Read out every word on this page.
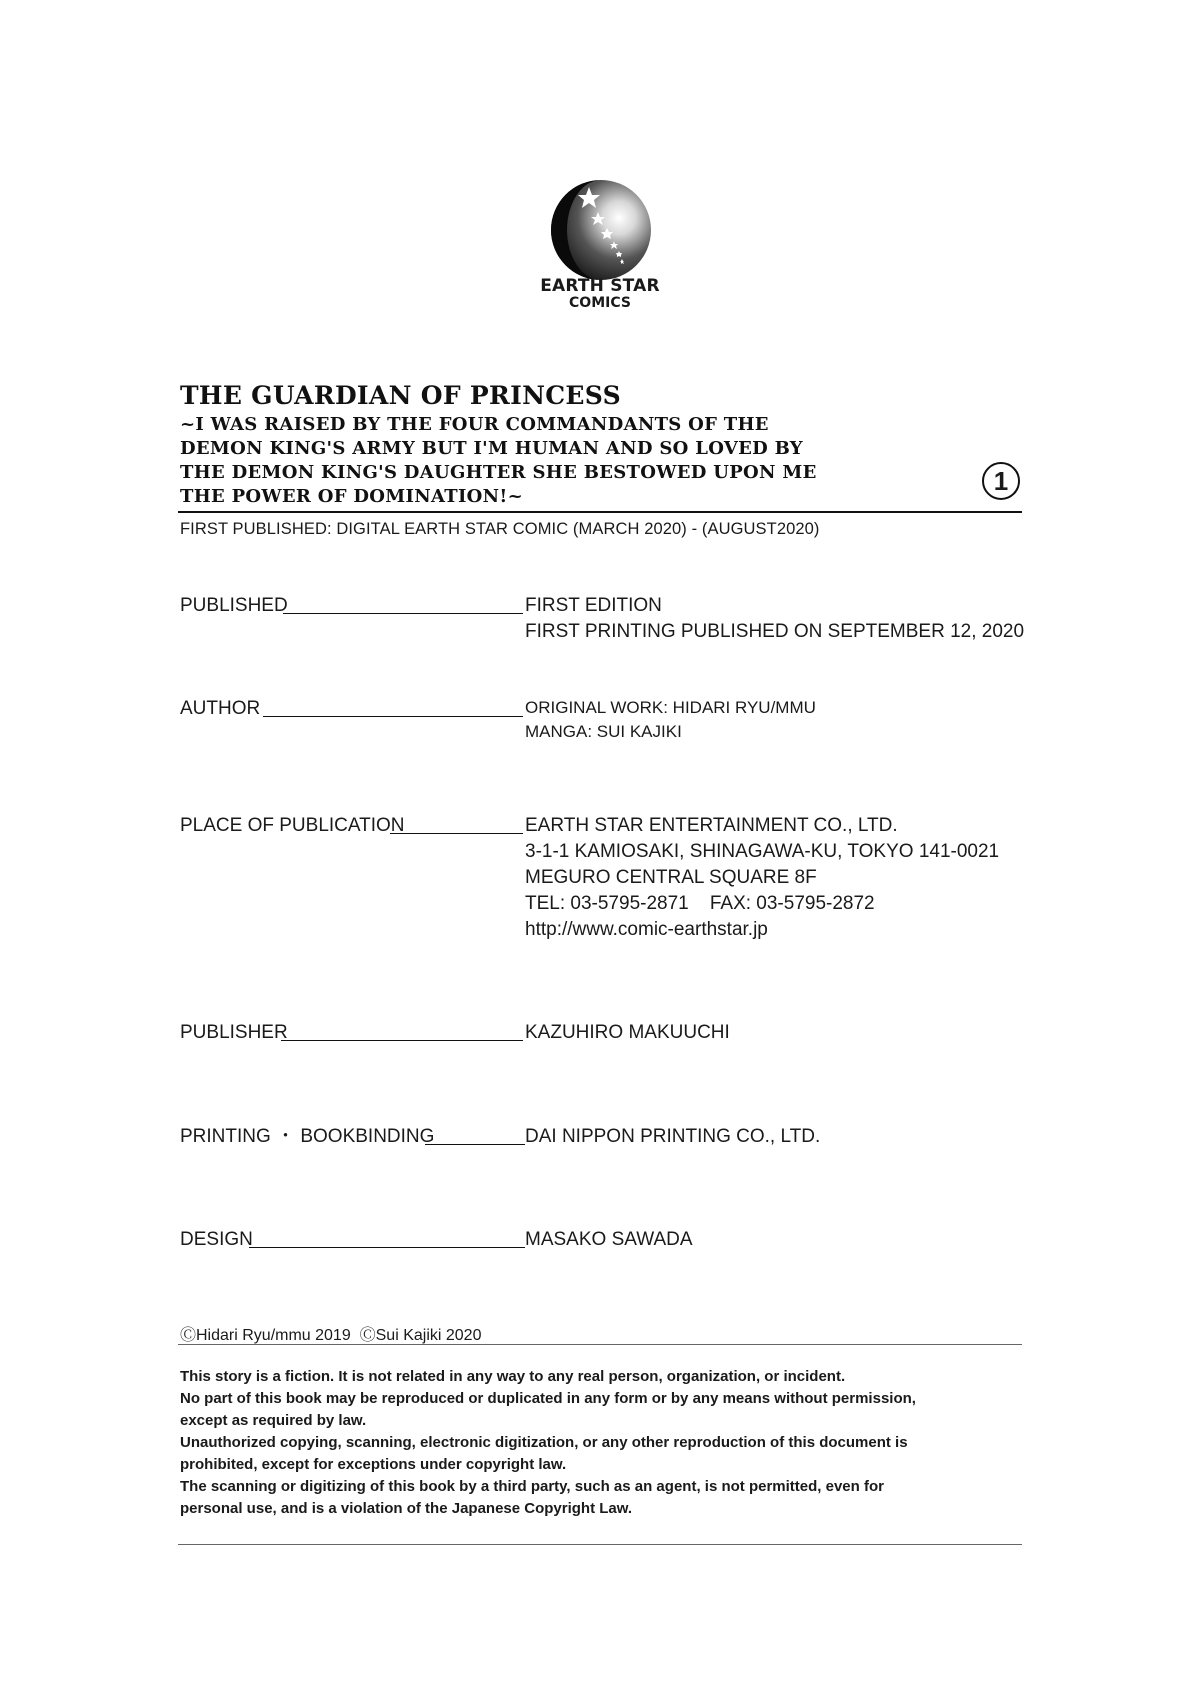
EARTH STAR
COMICS
THE GUARDIAN OF PRINCESS
~I WAS RAISED BY THE FOUR COMMANDANTS OF THE
DEMON KING'S ARMY BUT I'M HUMAN AND SO LOVED BY
THE DEMON KING'S DAUGHTER SHE BESTOWED UPON ME
THE POWER OF DOMINATION!~
1
FIRST PUBLISHED: DIGITAL EARTH STAR COMIC (MARCH 2020) - (AUGUST2020)
PUBLISHED	FIRST EDITION
FIRST PRINTING PUBLISHED ON SEPTEMBER 12, 2020
AUTHOR	ORIGINAL WORK: HIDARI RYU/MMU
MANGA: SUI KAJIKI
PLACE OF PUBLICATION	EARTH STAR ENTERTAINMENT CO., LTD.
3-1-1 KAMIOSAKI, SHINAGAWA-KU, TOKYO 141-0021
MEGURO CENTRAL SQUARE 8F
TEL: 03-5795-2871    FAX: 03-5795-2872
http://www.comic-earthstar.jp
PUBLISHER	KAZUHIRO MAKUUCHI
PRINTING ・ BOOKBINDING	DAI NIPPON PRINTING CO., LTD.
DESIGN	MASAKO SAWADA
ⒸHidari Ryu/mmu 2019  ⒸSui Kajiki 2020
This story is a fiction. It is not related in any way to any real person, organization, or incident.
No part of this book may be reproduced or duplicated in any form or by any means without permission,
except as required by law.
Unauthorized copying, scanning, electronic digitization, or any other reproduction of this document is
prohibited, except for exceptions under copyright law.
The scanning or digitizing of this book by a third party, such as an agent, is not permitted, even for
personal use, and is a violation of the Japanese Copyright Law.
